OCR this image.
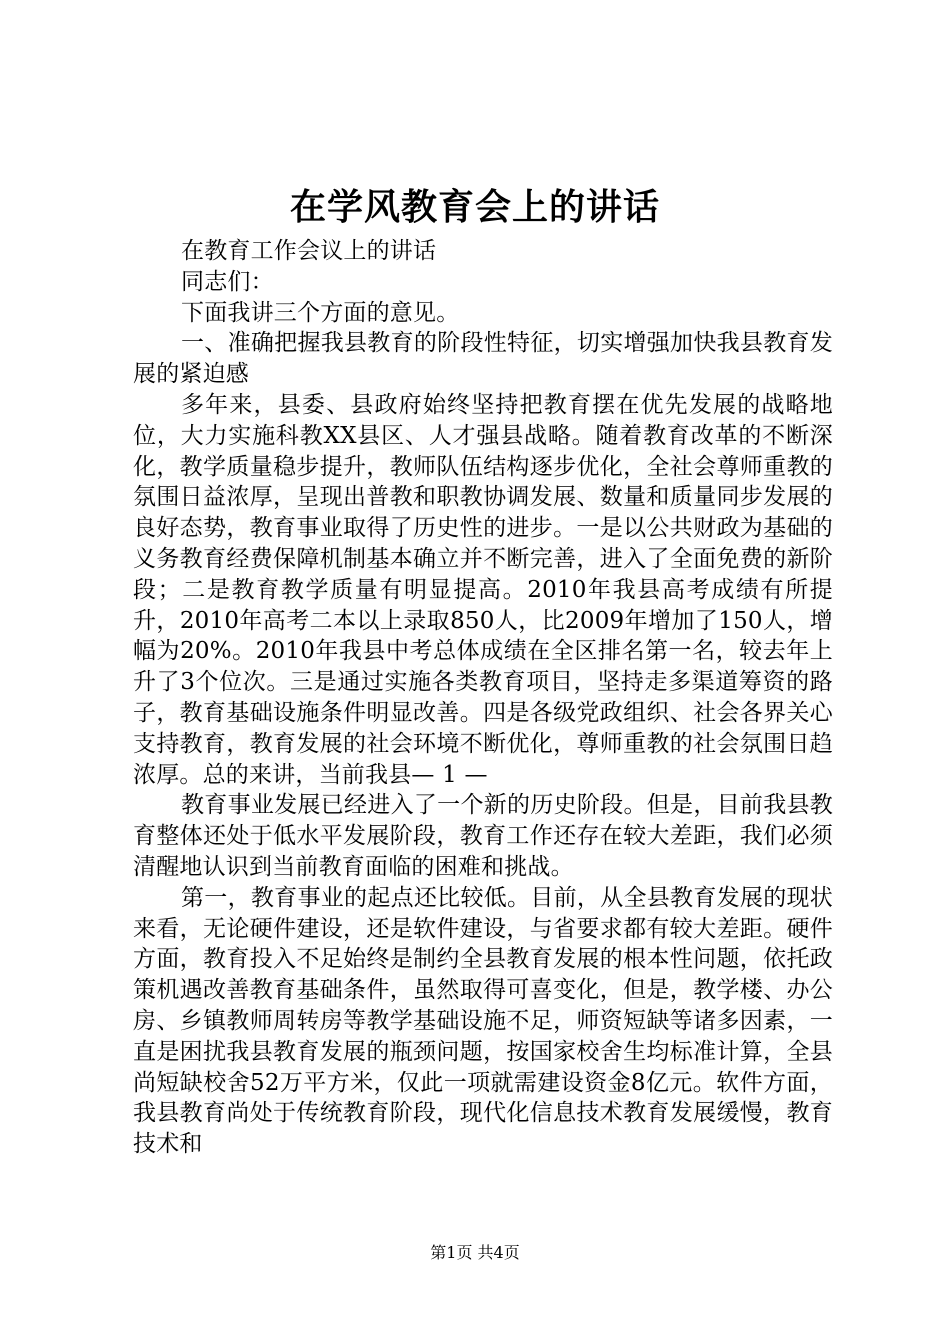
在学风教育会上的讲话

在教育工作会议上的讲话

同志们：

下面我讲三个方面的意见。

一、准确把握我县教育的阶段性特征，切实增强加快我县教育发展的紧迫感

多年来，县委、县政府始终坚持把教育摆在优先发展的战略地位，大力实施科教XX县区、人才强县战略。随着教育改革的不断深化，教学质量稳步提升，教师队伍结构逐步优化，全社会尊师重教的氛围日益浓厚，呈现出普教和职教协调发展、数量和质量同步发展的良好态势，教育事业取得了历史性的进步。一是以公共财政为基础的义务教育经费保障机制基本确立并不断完善，进入了全面免费的新阶段；二是教育教学质量有明显提高。2010年我县高考成绩有所提升，2010年高考二本以上录取850人，比2009年增加了150人，增幅为20%。2010年我县中考总体成绩在全区排名第一名，较去年上升了3个位次。三是通过实施各类教育项目，坚持走多渠道筹资的路子，教育基础设施条件明显改善。四是各级党政组织、社会各界关心支持教育，教育发展的社会环境不断优化，尊师重教的社会氛围日趋浓厚。总的来讲，当前我县— 1 —

教育事业发展已经进入了一个新的历史阶段。但是，目前我县教育整体还处于低水平发展阶段，教育工作还存在较大差距，我们必须清醒地认识到当前教育面临的困难和挑战。

第一，教育事业的起点还比较低。目前，从全县教育发展的现状来看，无论硬件建设，还是软件建设，与省要求都有较大差距。硬件方面，教育投入不足始终是制约全县教育发展的根本性问题，依托政策机遇改善教育基础条件，虽然取得可喜变化，但是，教学楼、办公房、乡镇教师周转房等教学基础设施不足，师资短缺等诸多因素，一直是困扰我县教育发展的瓶颈问题，按国家校舍生均标准计算，全县尚短缺校舍52万平方米，仅此一项就需建设资金8亿元。软件方面，我县教育尚处于传统教育阶段，现代化信息技术教育发展缓慢，教育技术和

第1页 共4页
